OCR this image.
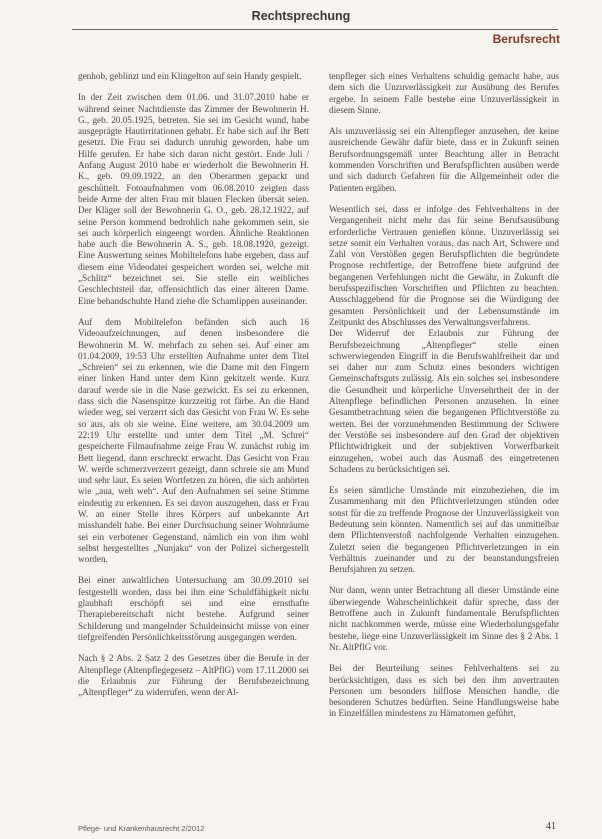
Rechtsprechung
Berufsrecht

genhob, geblinzt und ein Klingelton auf sein Handy gespielt.

In der Zeit zwischen dem 01.06. und 31.07.2010 habe er während seiner Nachtdienste das Zimmer der Bewohnerin H. G., geb. 20.05.1925, betreten. Sie sei im Gesicht wund, habe ausgeprägte Hautirritationen gehabt. Er habe sich auf ihr Bett gesetzt. Die Frau sei dadurch unruhig geworden, habe um Hilfe gerufen. Er habe sich daran nicht gestört. Ende Juli / Anfang August 2010 habe er wiederholt die Bewohnerin H. K., geb. 09.09.1922, an den Oberarmen gepackt und geschüttelt. Fotoaufnahmen vom 06.08.2010 zeigten dass beide Arme der alten Frau mit blauen Flecken übersät seien. Der Kläger soll der Bewohnerin G. O., geb. 28.12.1922, auf seine Person kommend bedrohlich nahe gekommen sein, sie sei auch körperlich eingeengt worden. Ähnliche Reaktionen habe auch die Bewohnerin A. S., geb. 18.08.1920, gezeigt. Eine Auswertung seines Mobiltelefons habe ergeben, dass auf diesem eine Videodatei gespeichert worden sei, welche mit „Schlitz“ bezeichnet sei. Sie stelle ein weibliches Geschlechtsteil dar, offensichtlich das einer älteren Dame. Eine behandschuhte Hand ziehe die Schamlippen auseinander.

Auf dem Mobiltelefon befänden sich auch 16 Videoaufzeichnungen, auf denen insbesondere die Bewohnerin M. W. mehrfach zu sehen sei. Auf einer am 01.04.2009, 19:53 Uhr erstellten Aufnahme unter dem Titel „Schreien“ sei zu erkennen, wie die Dame mit den Fingern einer linken Hand unter dem Kinn gekitzelt werde. Kurz darauf werde sie in die Nase gezwickt. Es sei zu erkennen, dass sich die Nasenspitze kurzzeitig rot färbe. An die Hand wieder weg, sei verzerrt sich das Gesicht von Frau W. Es sehe so aus, als ob sie weine. Eine weitere, am 30.04.2009 um 22:19 Uhr erstellte und unter dem Titel „M. Schrei“ gespeicherte Filmaufnahme zeige Frau W. zunächst ruhig im Bett liegend, dann erschreckt erwacht. Das Gesicht von Frau W. werde schmerzverzerrt gezeigt, dann schreie sie am Mund und sehr laut. Es seien Wortfetzen zu hören, die sich anhörten wie „aua, weh weh“. Auf den Aufnahmen sei seine Stimme eindeutig zu erkennen. Es sei davon auszugehen, dass er Frau W. an einer Stelle ihres Körpers auf unbekannte Art misshandelt habe. Bei einer Durchsuchung seiner Wohnräume sei ein verbotener Gegenstand, nämlich ein von ihm wohl selbst hergestelltes „Nunjaku“ von der Polizei sichergestellt worden.

Bei einer anwaltlichen Untersuchung am 30.09.2010 sei festgestellt worden, dass bei ihm eine Schuldfähigkeit nicht glaubhaft erschöpft sei und eine ernsthafte Therapiebereitschaft nicht bestehe. Aufgrund seiner Schilderung und mangelnder Schuldeinsicht müsse von einer tiefgreifenden Persönlichkeitsstörung ausgegangen werden.

Nach § 2 Abs. 2 Satz 2 des Gesetzes über die Berufe in der Altenpflege (Altenpflegegesetz – AltPflG) vom 17.11.2000 sei die Erlaubnis zur Führung der Berufsbezeichnung „Altenpfleger“ zu widerrufen, wenn der Al-

tenpfleger sich eines Verhaltens schuldig gemacht habe, aus dem sich die Unzuverlässigkeit zur Ausübung des Berufes ergebe. In seinem Falle bestehe eine Unzuverlässigkeit in diesem Sinne.

Als unzuverlässig sei ein Altenpfleger anzusehen, der keine ausreichende Gewähr dafür biete, dass er in Zukunft seinen Berufsordnungsgemäß unter Beachtung aller in Betracht kommenden Vorschriften und Berufspflichten ausüben werde und sich dadurch Gefahren für die Allgemeinheit oder die Patienten ergäben.

Wesentlich sei, dass er infolge des Fehlverhaltens in der Vergangenheit nicht mehr das für seine Berufsausübung erforderliche Vertrauen genießen könne. Unzuverlässig sei setze somit ein Verhalten voraus, das nach Art, Schwere und Zahl von Verstößen gegen Berufspflichten die begründete Prognose rechtfertige, der Betroffene biete aufgrund der begangenen Verfehlungen nicht die Gewähr, in Zukunft die berufsspezifischen Vorschriften und Pflichten zu beachten. Ausschlaggebend für die Prognose sei die Würdigung der gesamten Persönlichkeit und der Lebensumstände im Zeitpunkt des Abschlusses des Verwaltungsverfahrens.

Der Widerruf der Erlaubnis zur Führung der Berufsbezeichnung „Altenpfleger“ stelle einen schwerwiegenden Eingriff in die Berufswahlfreiheit dar und sei daher nur zum Schutz eines besonders wichtigen Gemeinschaftsguts zulässig. Als ein solches sei insbesondere die Gesundheit und körperliche Unversehrtheit der in der Altenpflege befindlichen Personen anzusehen. In einer Gesamtbetrachtung seien die begangenen Pflichtverstöße zu werten. Bei der vorzunehmenden Bestimmung der Schwere der Verstöße sei insbesondere auf den Grad der objektiven Pflichtwidrigkeit und der subjektiven Vorwerfbarkeit einzugehen, wobei auch das Ausmaß des eingetretenen Schadens zu berücksichtigen sei.

Es seien sämtliche Umstände mit einzubeziehen, die im Zusammenhang mit den Pflichtverletzungen stünden oder sonst für die zu treffende Prognose der Unzuverlässigkeit von Bedeutung sein könnten. Namentlich sei auf das unmittelbar dem Pflichtenverstoß nachfolgende Verhalten einzugehen. Zuletzt seien die begangenen Pflichtverletzungen in ein Verhältnis zueinander und zu der beanstandungsfreien Berufsjahren zu setzen.

Nur dann, wenn unter Betrachtung all dieser Umstände eine überwiegende Wahrscheinlichkeit dafür spreche, dass der Betroffene auch in Zukunft fundamentale Berufspflichten nicht nachkommen werde, müsse eine Wiederholungsgefahr bestehe, liege eine Unzuverlässigkeit im Sinne des § 2 Abs. 1 Nr. AltPflG vor.

Bei der Beurteilung seines Fehlverhaltens sei zu berücksichtigen, dass es sich bei den ihm anvertrauten Personen um besonders hilflose Menschen handle, die besonderen Schutzes bedürften. Seine Handlungsweise habe in Einzelfällen mindestens zu Hämatomen geführt,

Pflege- und Krankenhausrecht 2/2012	41
